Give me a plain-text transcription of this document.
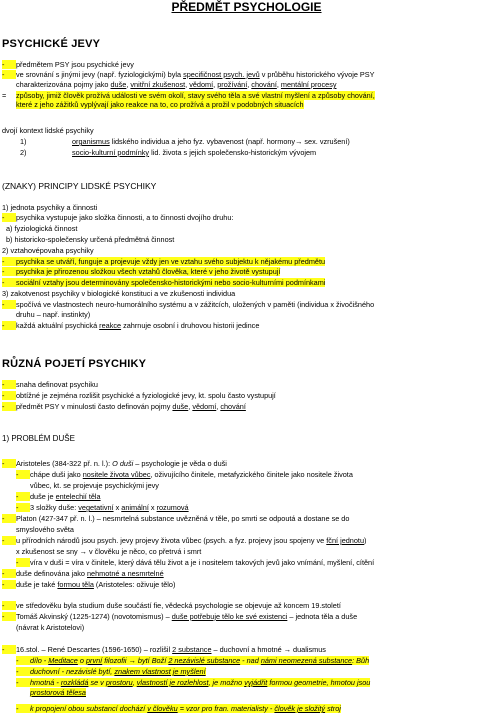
PŘEDMĚT PSYCHOLOGIE
PSYCHICKÉ JEVY
- předmětem PSY jsou psychické jevy
- ve srovnání s jinými jevy (např. fyziologickými) byla specifičnost psych. jevů v průběhu historického vývoje PSY
charakterizována pojmy jako duše, vnitřní zkušenost, vědomí, prožívání, chování, mentální procesy
= způsoby, jimiž člověk prožívá události ve svém okolí, stavy svého těla a své vlastní myšlení a způsoby chování,
které z jeho zážitků vyplývají jako reakce na to, co prožívá a prožil v podobných situacích
dvojí kontext lidské psychiky
1)	organismus lidského individua a jeho fyz. vybavenost (např. hormony→ sex. vzrušení)
2)	socio-kulturní podmínky lid. života s jejich společensko-historickým vývojem
(ZNAKY) PRINCIPY LIDSKÉ PSYCHIKY
1) jednota psychiky a činnosti
- psychika vystupuje jako složka činnosti, a to činnosti dvojího druhu:
a) fyziologická činnost
b) historicko-společensky určená předmětná činnost
2) vztahovépovaha psychiky
- psychika se utváří, funguje a projevuje vždy jen ve vztahu svého subjektu k nějakému předmětu
- psychika je přirozenou složkou všech vztahů člověka, které v jeho životě vystupují
- sociální vztahy jsou determinovány společensko-historickými nebo socio-kulturními podmínkami
3) zakotvenost psychiky v biologické konstituci a ve zkušenosti individua
- spočívá ve vlastnostech neuro-humorálního systému a v zážitcích, uložených v paměti (individua x živočišného
druhu – např. instinkty)
- každá aktuální psychická reakce zahrnuje osobní i druhovou historii jedince
RŮZNÁ POJETÍ PSYCHIKY
- snaha definovat psychiku
- obtížné je zejména rozlišit psychické a fyziologické jevy, kt. spolu často vystupují
- předmět PSY v minulosti často definován pojmy duše, vědomí, chování
1) PROBLÉM DUŠE
- Aristoteles (384-322 př. n. l.): O duši – psychologie je věda o duši
- chápe duši jako nositele života vůbec, oživujícího činitele, metafyzického činitele jako nositele života
vůbec, kt. se projevuje psychickými jevy
- duše je entelechií těla
- 3 složky duše: vegetativní x animální x rozumová
- Platon (427-347 př. n. l.) – nesmrtelná substance uvězněná v těle, po smrti se odpoutá a dostane se do
smyslového světa
- u přírodních národů jsou psych. jevy projevy života vůbec (psych. a fyz. projevy jsou spojeny ve fční jednotu)
x zkušenost se sny → v člověku je něco, co přetrvá i smrt
- víra v duši = víra v činitele, který dává tělu život a je i nositelem takových jevů jako vnímání, myšlení, cítění
- duše definována jako nehmotné a nesmrtelné
- duše je také formou těla (Aristoteles: oživuje tělo)
- ve středověku byla studium duše součástí fie, vědecká psychologie se objevuje až koncem 19.století
- Tomáš Akvinský (1225-1274) (novotomismus) – duše potřebuje tělo ke své existenci – jednota těla a duše
(návrat k Aristotelovi)
- 16.stol. – René Descartes (1596-1650) – rozlišil 2 substance – duchovní a hmotné → dualismus
- dílo - Meditace o první filozofii → bytí Boží 2 nezávislé substance - nad námi neomezená substance: Bůh
- duchovní - nezávislé bytí, znakem vlastnost je myšlení
- hmotná - rozkládá se v prostoru, vlastností je rozlehlost, je možno vyjádřit formou geometrie, hmotou jsou
prostorová tělesa
- k propojení obou substancí dochází v člověku = vzor pro fran. materialisty - člověk je složitý stroj
